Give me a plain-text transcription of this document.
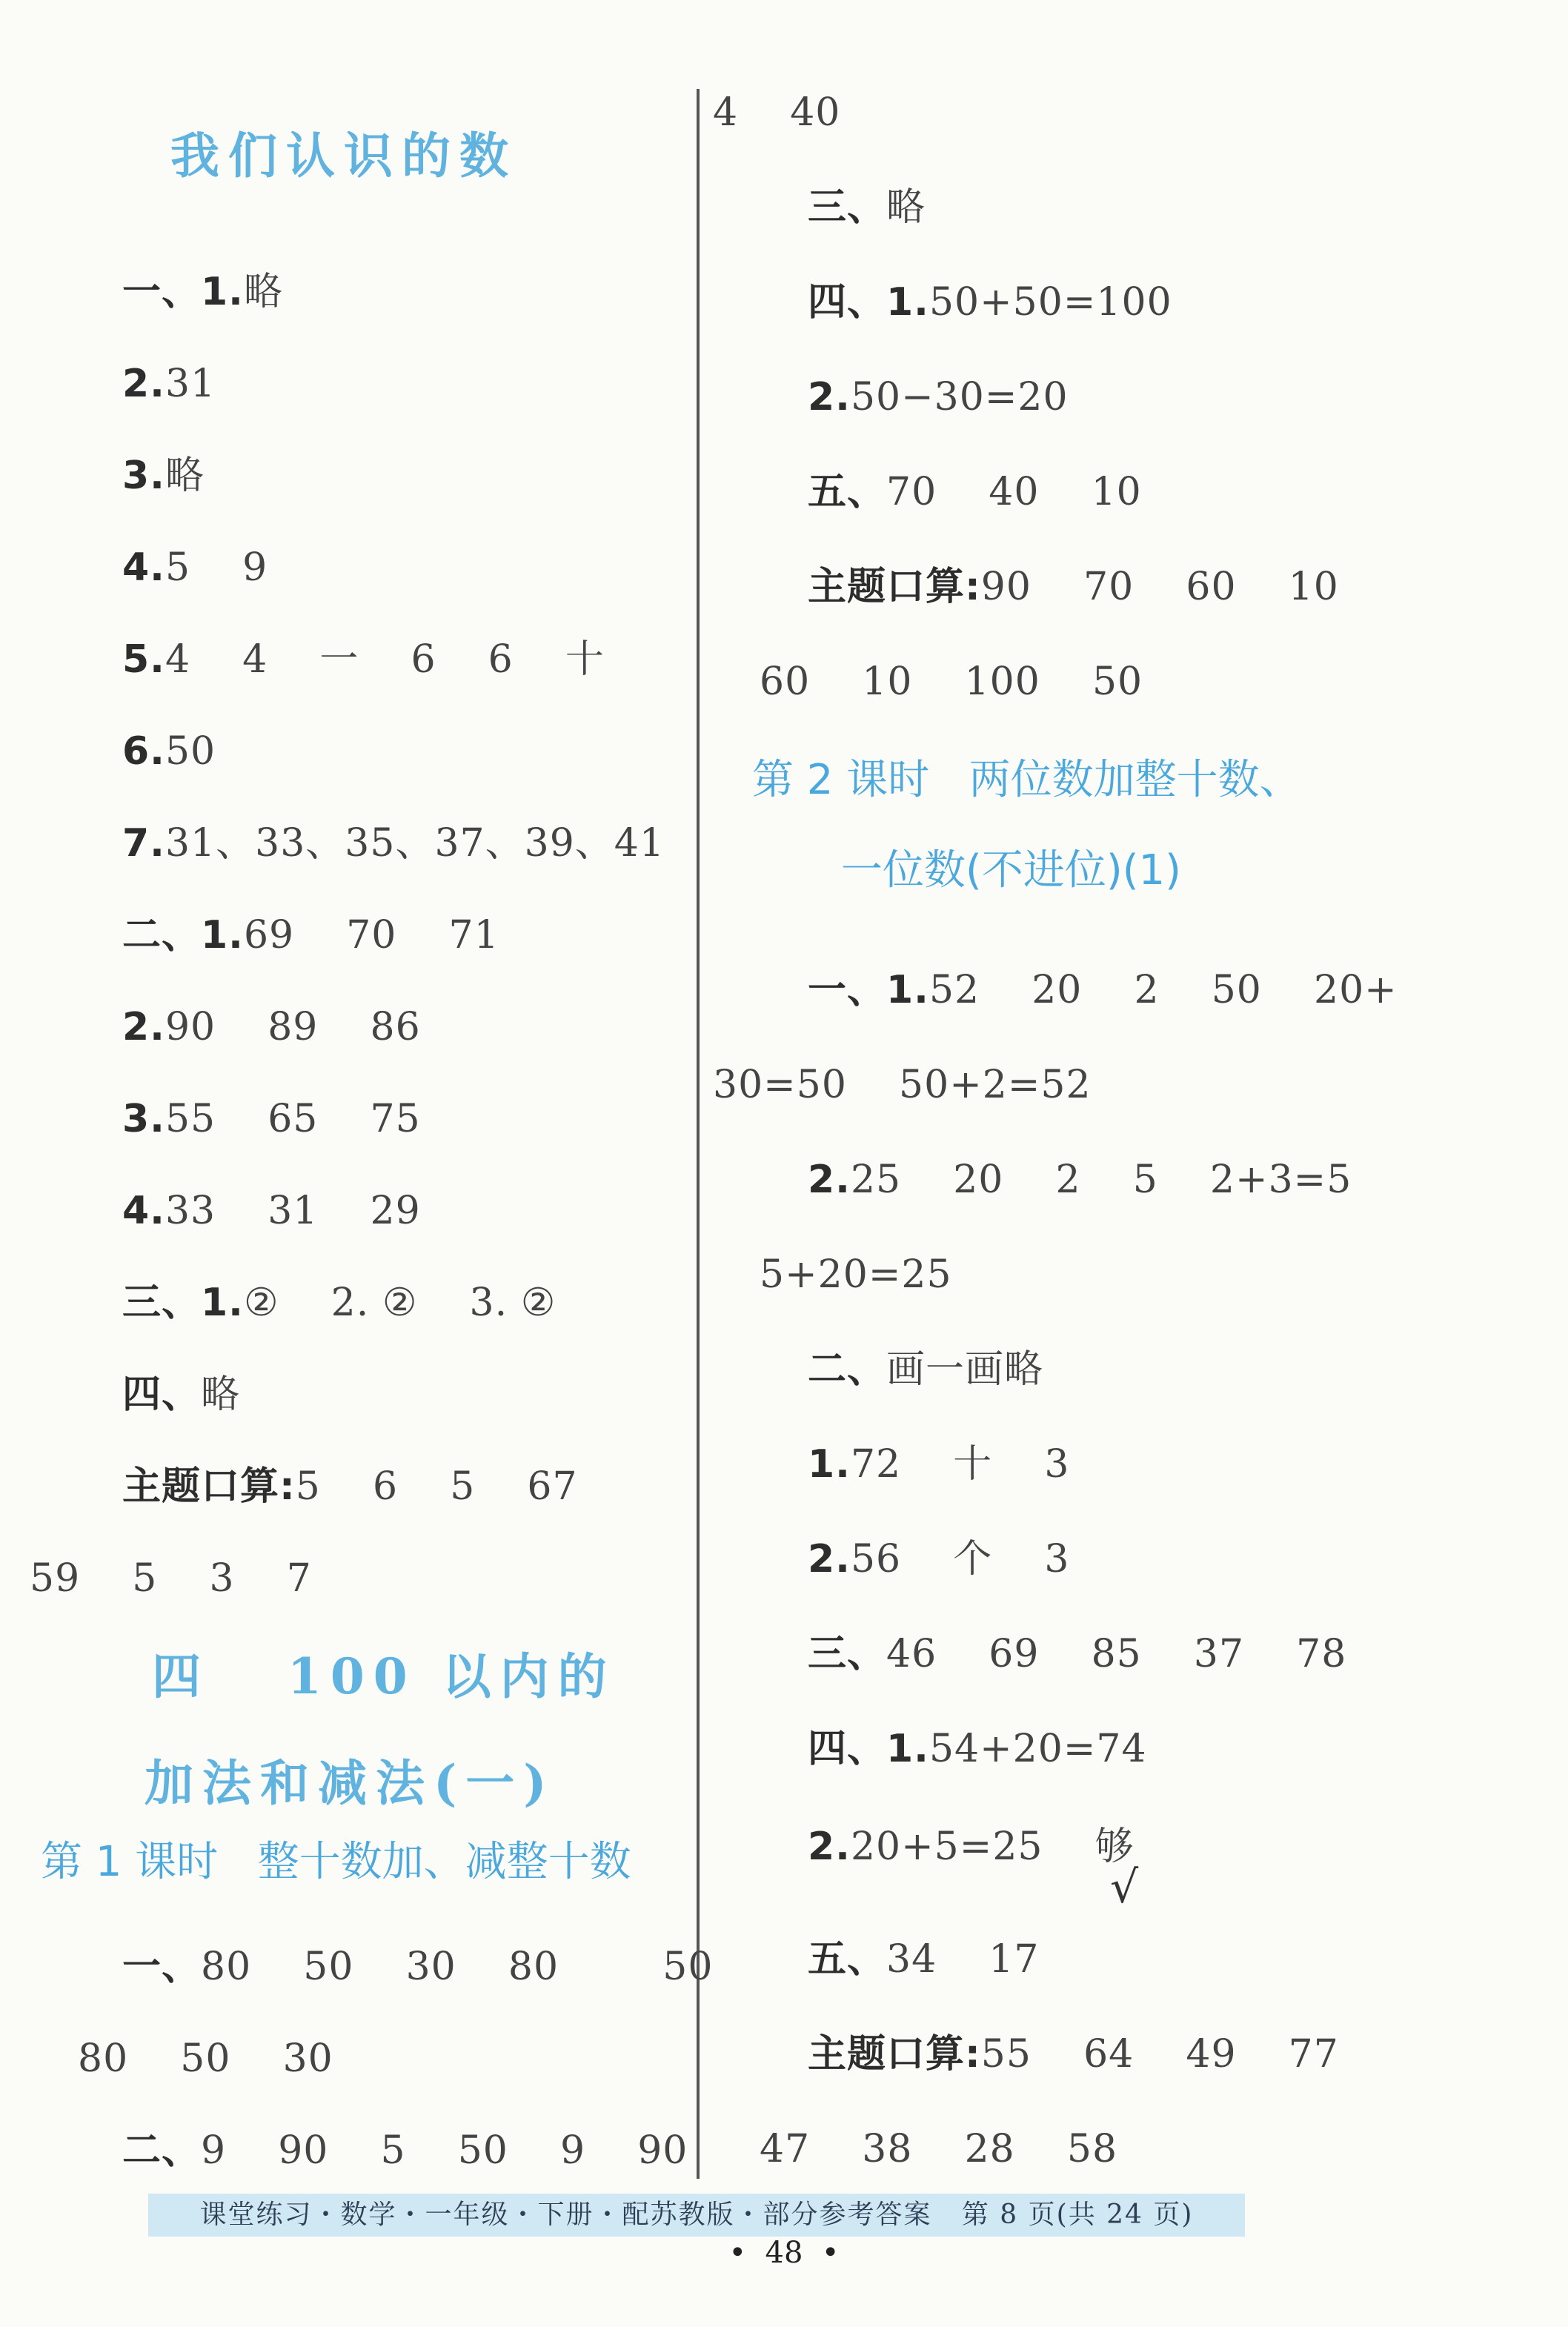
我们认识的数
一、1.略
2.31
3.略
4.5    9
5.4    4    一    6    6    十
6.50
7.31、33、35、37、39、41
二、1.69    70    71
2.90    89    86
3.55    65    75
4.33    31    29
三、1.②    2. ②    3. ②
四、略
主题口算:5    6    5    67
59    5    3    7
四   100 以内的
加法和减法(一)
第 1 课时   整十数加、减整十数
一、80    50    30    80        50
80    50    30
二、9    90    5    50    9    90
4    40
三、略
四、1.50+50=100
2.50−30=20
五、70    40    10
主题口算:90    70    60    10
60    10    100    50
第 2 课时   两位数加整十数、
一位数(不进位)(1)
一、1.52    20    2    50    20+
30=50    50+2=52
2.25    20    2    5    2+3=5
5+20=25
二、画一画略
1.72    十    3
2.56    个    3
三、46    69    85    37    78
四、1.54+20=74
2.20+5=25    够
√
五、34    17
主题口算:55    64    49    77
47    38    28    58
课堂练习・数学・一年级・下册・配苏教版・部分参考答案   第 8 页(共 24 页)
•  48  •
